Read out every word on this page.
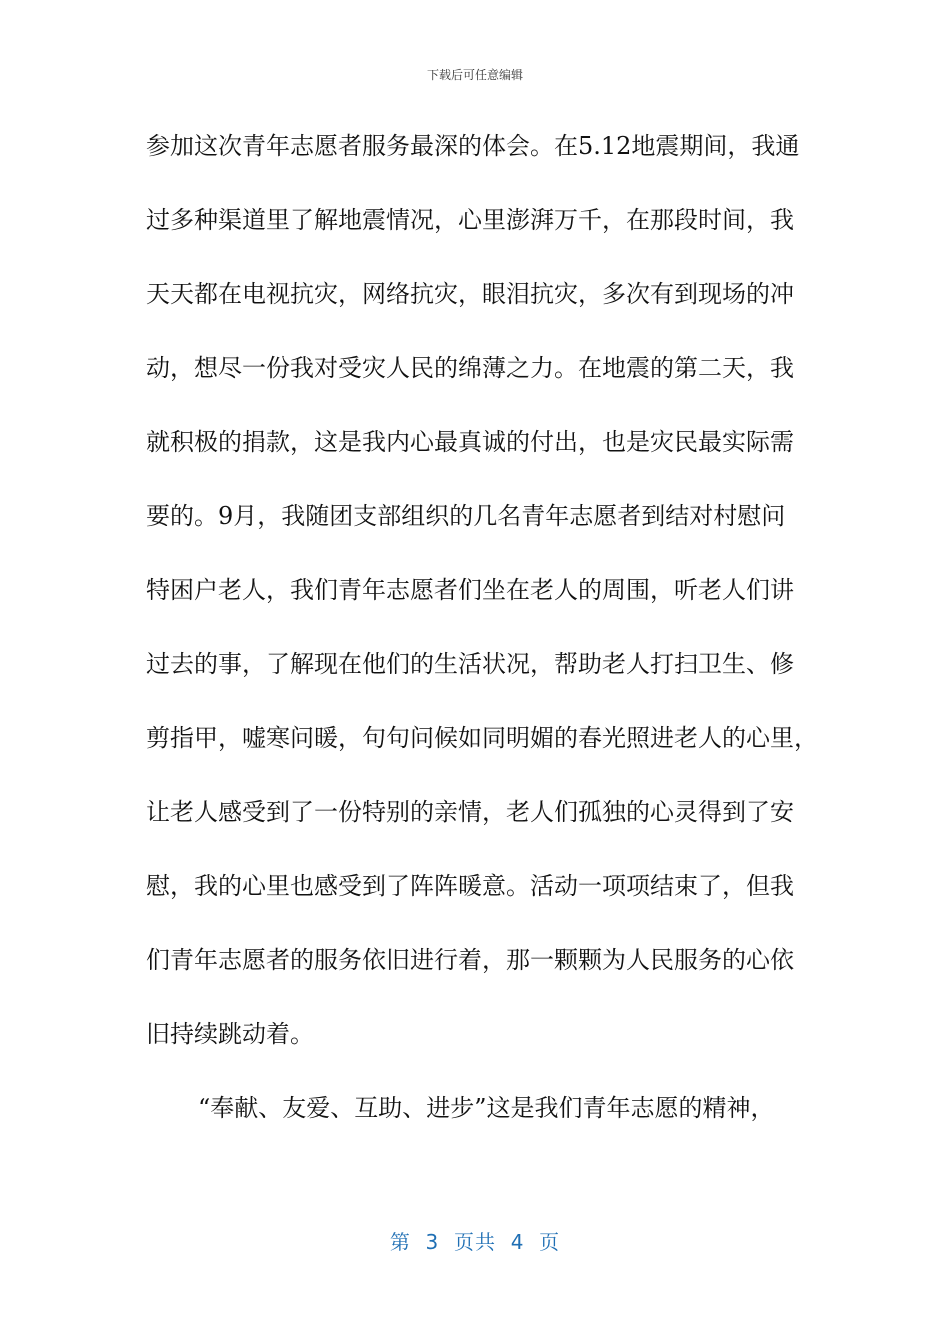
下载后可任意编辑
参加这次青年志愿者服务最深的体会。在5.12地震期间，我通
过多种渠道里了解地震情况，心里澎湃万千，在那段时间，我
天天都在电视抗灾，网络抗灾，眼泪抗灾，多次有到现场的冲
动，想尽一份我对受灾人民的绵薄之力。在地震的第二天，我
就积极的捐款，这是我内心最真诚的付出，也是灾民最实际需
要的。9月，我随团支部组织的几名青年志愿者到结对村慰问
特困户老人，我们青年志愿者们坐在老人的周围，听老人们讲
过去的事，了解现在他们的生活状况，帮助老人打扫卫生、修
剪指甲，嘘寒问暖，句句问候如同明媚的春光照进老人的心里，
让老人感受到了一份特别的亲情，老人们孤独的心灵得到了安
慰，我的心里也感受到了阵阵暖意。活动一项项结束了，但我
们青年志愿者的服务依旧进行着，那一颗颗为人民服务的心依
旧持续跳动着。
“奉献、友爱、互助、进步”这是我们青年志愿的精神，
第  3  页共  4  页
